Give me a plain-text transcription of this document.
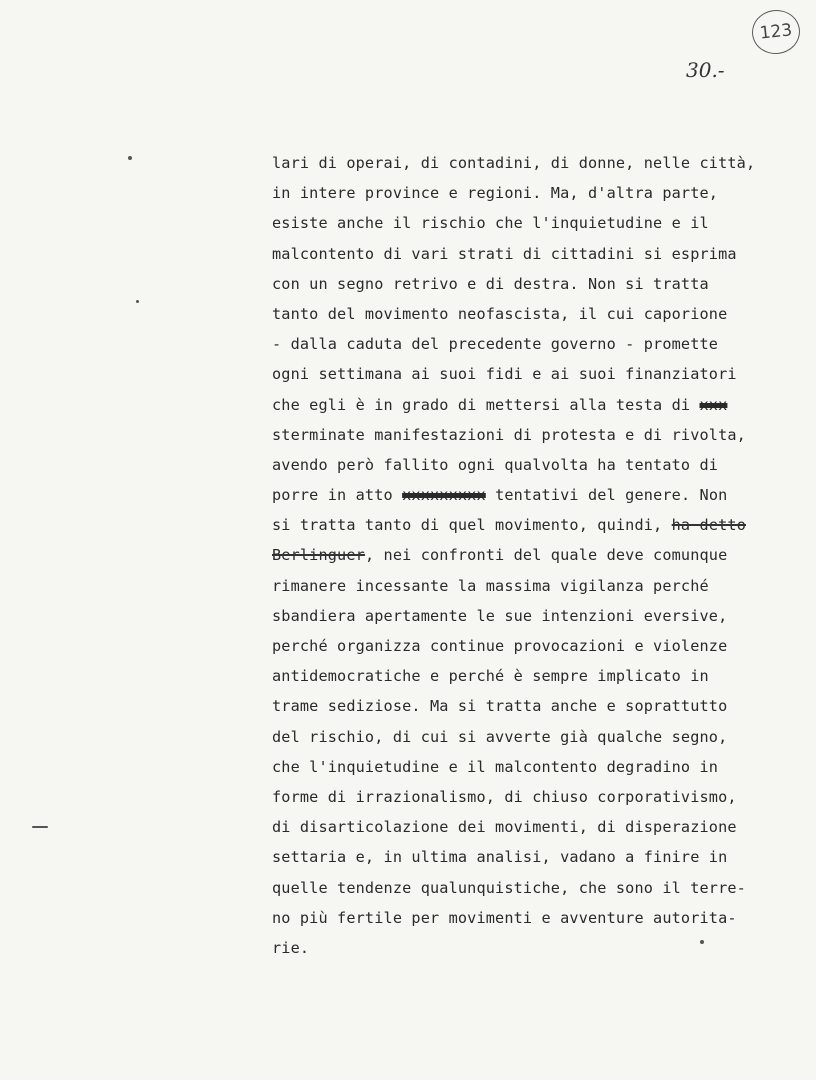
123
30.-
lari di operai, di contadini, di donne, nelle città,
in intere province e regioni. Ma, d'altra parte,
esiste anche il rischio che l'inquietudine e il
malcontento di vari strati di cittadini si esprima
con un segno retrivo e di destra. Non si tratta
tanto del movimento neofascista, il cui caporione
- dalla caduta del precedente governo - promette
ogni settimana ai suoi fidi e ai suoi finanziatori
che egli è in grado di mettersi alla testa di xxx
sterminate manifestazioni di protesta e di rivolta,
avendo però fallito ogni qualvolta ha tentato di
porre in atto xxxxxxxxx tentativi del genere. Non
si tratta tanto di quel movimento, quindi, ha detto
Berlinguer, nei confronti del quale deve comunque
rimanere incessante la massima vigilanza perché
sbandiera apertamente le sue intenzioni eversive,
perché organizza continue provocazioni e violenze
antidemocratiche e perché è sempre implicato in
trame sediziose. Ma si tratta anche e soprattutto
del rischio, di cui si avverte già qualche segno,
che l'inquietudine e il malcontento degradino in
forme di irrazionalismo, di chiuso corporativismo,
di disarticolazione dei movimenti, di disperazione
settaria e, in ultima analisi, vadano a finire in
quelle tendenze qualunquistiche, che sono il terre-
no più fertile per movimenti e avventure autorita-
rie.
